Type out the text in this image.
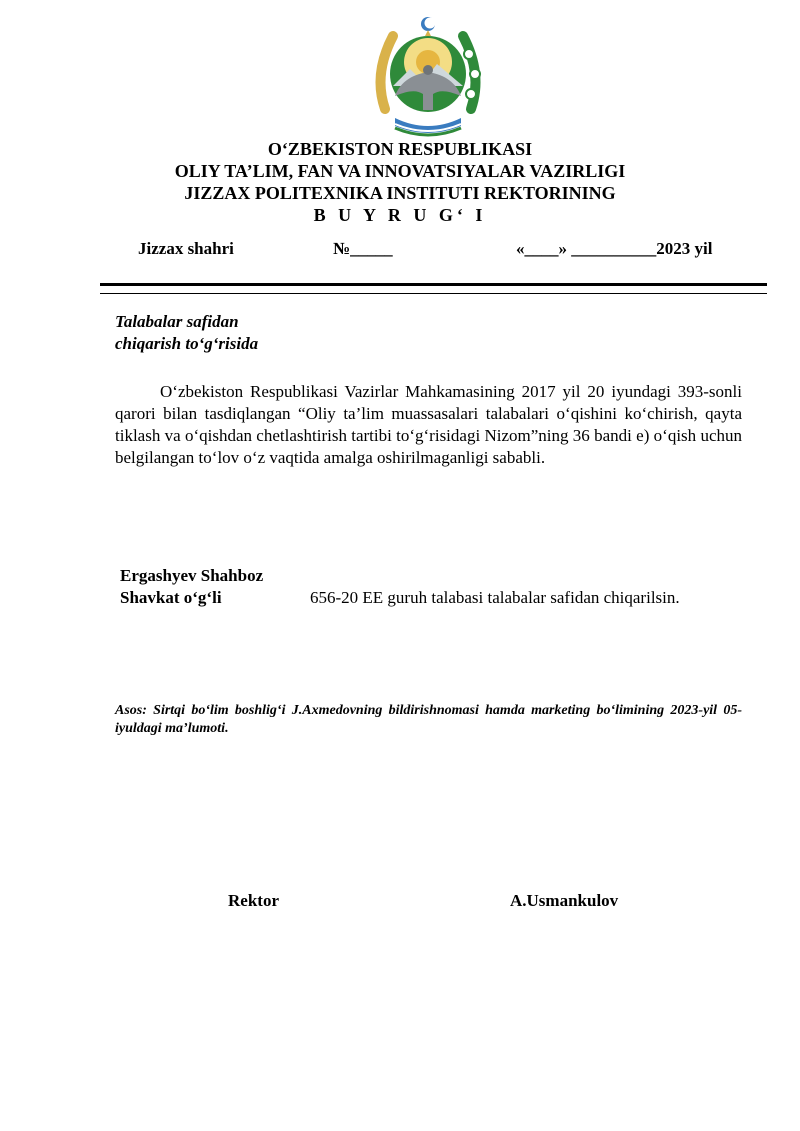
O‘ZBEKISTON RESPUBLIKASI
OLIY TA’LIM, FAN VA INNOVATSIYALAR VAZIRLIGI
JIZZAX POLITEXNIKA INSTITUTI REKTORINING
B U Y R U G‘ I
Jizzax shahri	№_____	«____» __________2023 yil
Talabalar safidan
chiqarish to‘g‘risida
O‘zbekiston Respublikasi Vazirlar Mahkamasining 2017 yil 20 iyundagi 393-sonli qarori bilan tasdiqlangan “Oliy ta’lim muassasalari talabalari o‘qishini ko‘chirish, qayta tiklash va o‘qishdan chetlashtirish tartibi to‘g‘risidagi Nizom”ning 36 bandi e) o‘qish uchun belgilangan to‘lov o‘z vaqtida amalga oshirilmaganligi sababli.
Ergashyev Shahboz
Shavkat o‘g‘li	656-20 EE guruh talabasi talabalar safidan chiqarilsin.
Asos: Sirtqi bo‘lim boshlig‘i J.Axmedovning bildirishnomasi hamda marketing bo‘limining 2023-yil 05-iyuldagi ma’lumoti.
Rektor	A.Usmankulov
